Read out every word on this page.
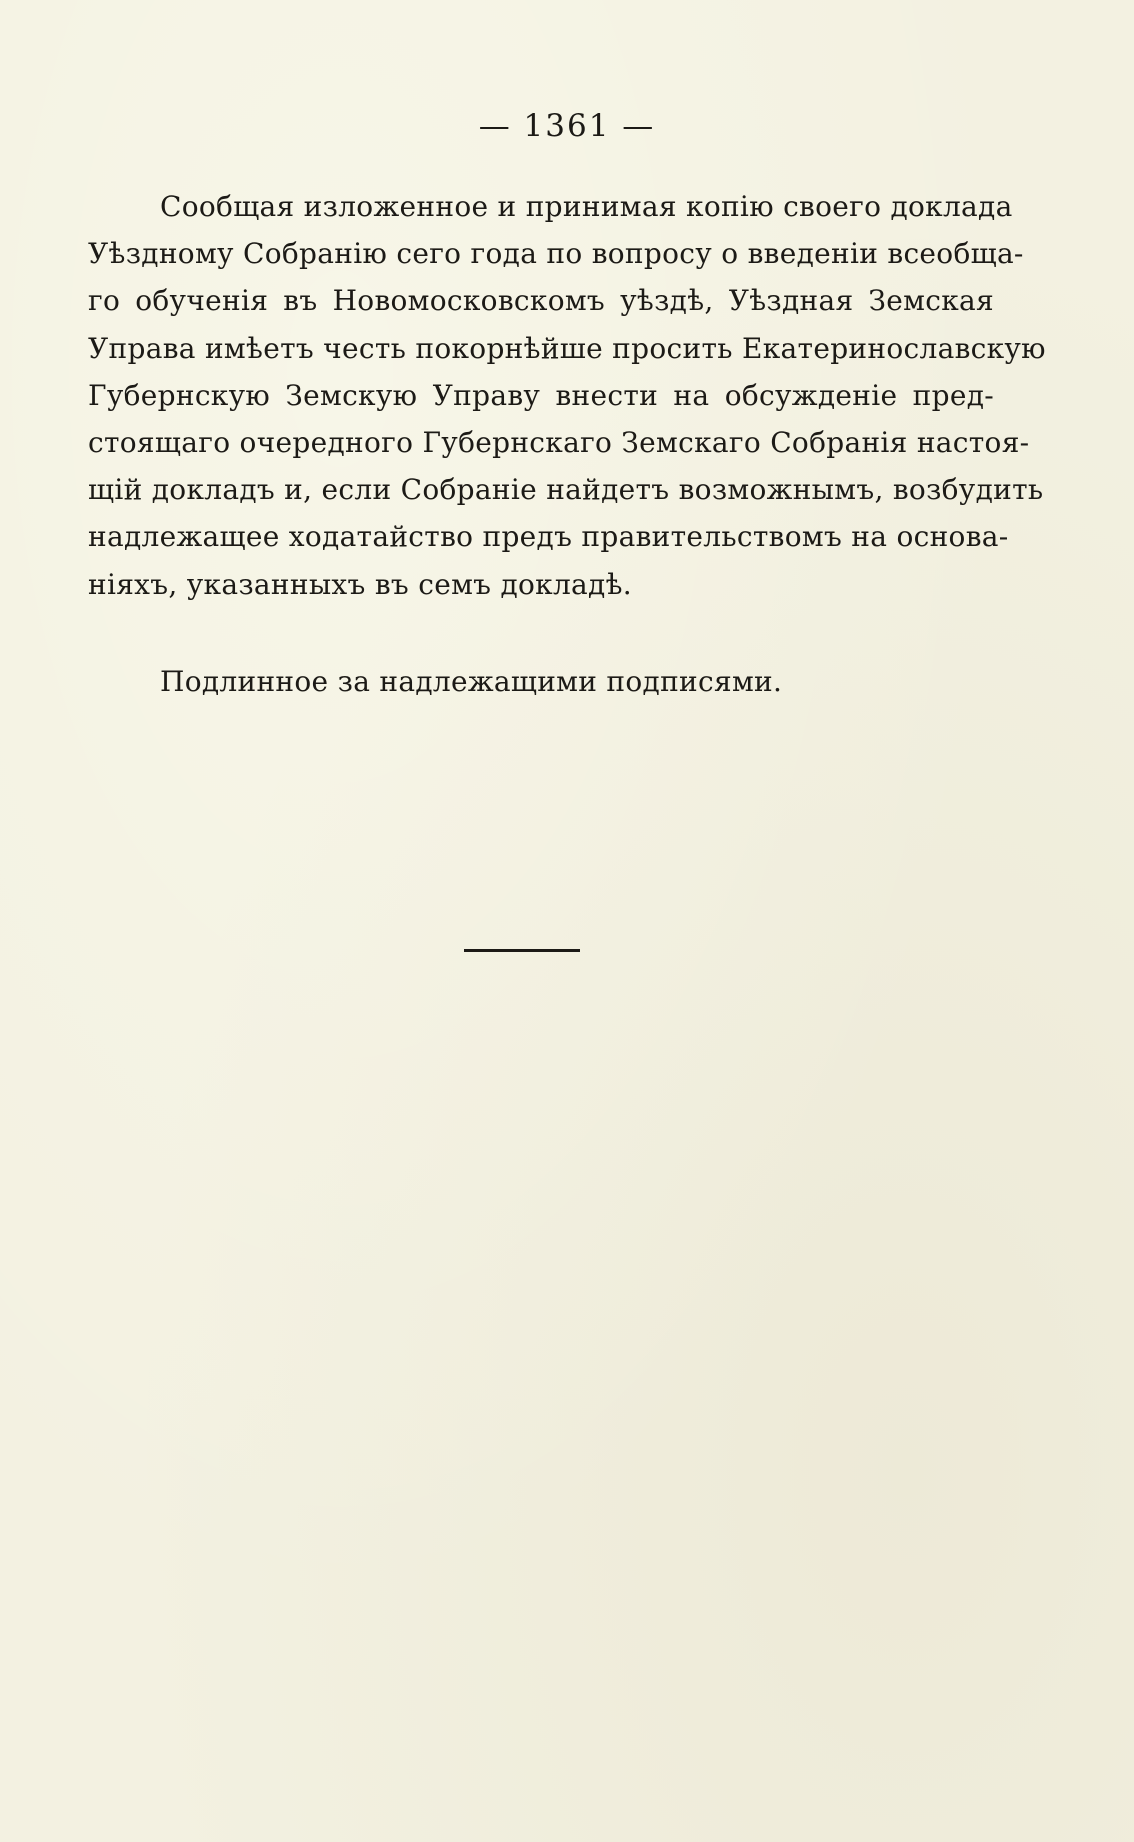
— 1361 —
Сообщая изложенное и принимая копію своего доклада
Уѣздному Собранію сего года по вопросу о введеніи всеобща-
го обученія въ Новомосковскомъ уѣздѣ, Уѣздная Земская
Управа имѣетъ честь покорнѣйше просить Екатеринославскую
Губернскую Земскую Управу внести на обсужденіе пред-
стоящаго очередного Губернскаго Земскаго Собранія настоя-
щій докладъ и, если Собраніе найдетъ возможнымъ, возбудить
надлежащее ходатайство предъ правительствомъ на основа-
ніяхъ, указанныхъ въ семъ докладѣ.
Подлинное за надлежащими подписями.
